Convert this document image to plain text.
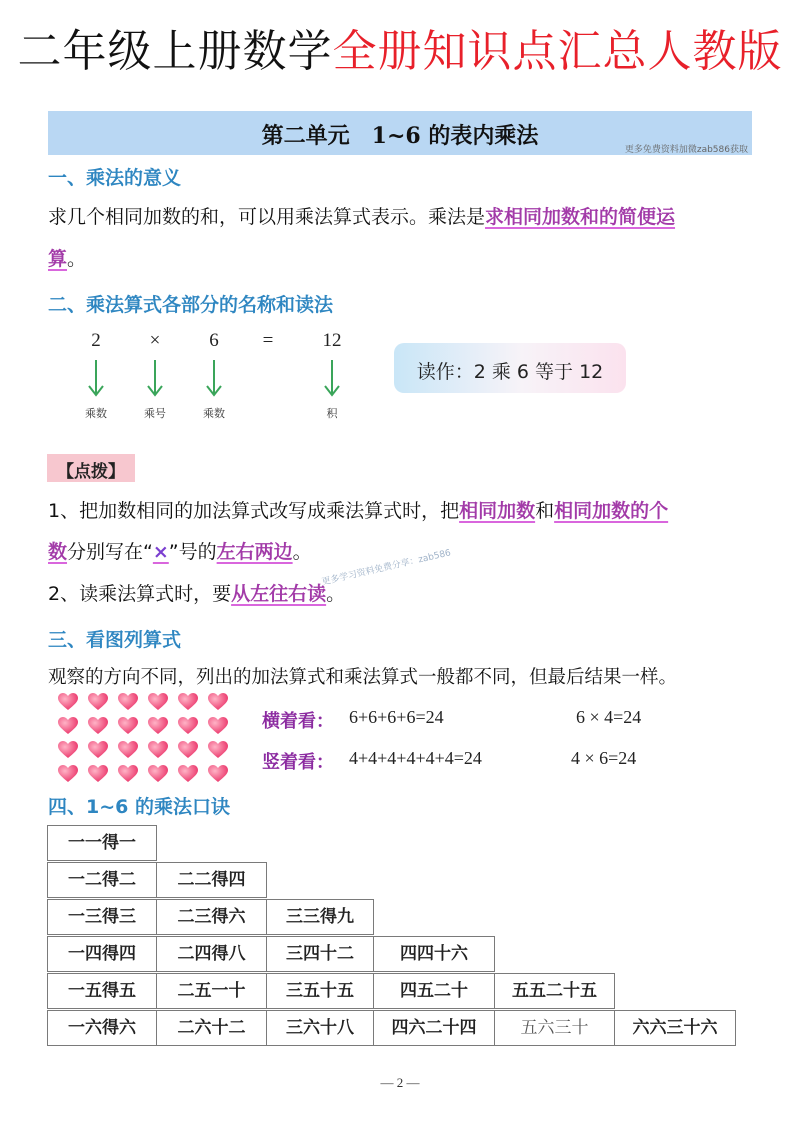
二年级上册数学全册知识点汇总人教版
第二单元　1~6 的表内乘法
更多免费资料加微zab586获取
一、乘法的意义
求几个相同加数的和，可以用乘法算式表示。乘法是求相同加数和的简便运
算。
二、乘法算式各部分的名称和读法
2	×	6	=	12
乘数	乘号	乘数	积
读作：2 乘 6 等于 12
【点拨】
1、把加数相同的加法算式改写成乘法算式时，把相同加数和相同加数的个
数分别写在“×”号的左右两边。 更多学习资料免费分享：zab586
2、读乘法算式时，要从左往右读。
三、看图列算式
观察的方向不同，列出的加法算式和乘法算式一般都不同，但最后结果一样。
横着看： 6+6+6+6=24	6 × 4=24
竖着看： 4+4+4+4+4+4=24	4 × 6=24
四、1~6 的乘法口诀
一一得一
一二得二	二二得四
一三得三	二三得六	三三得九
一四得四	二四得八	三四十二	四四十六
一五得五	二五一十	三五十五	四五二十	五五二十五
一六得六	二六十二	三六十八	四六二十四	五六三十	六六三十六
— 2 —
